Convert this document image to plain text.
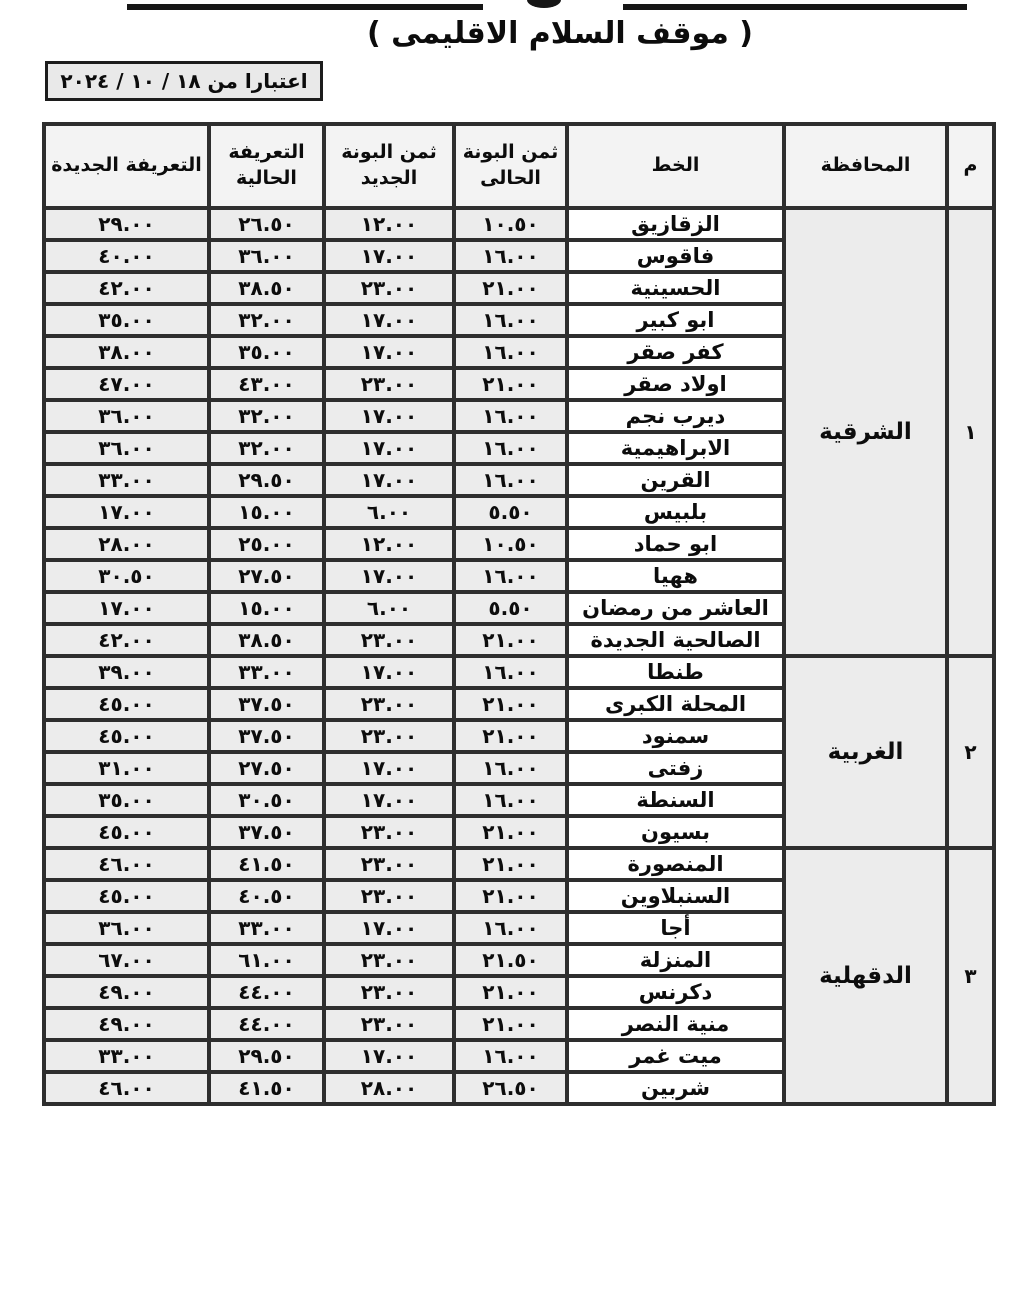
( موقف السلام الاقليمى )
اعتبارا من ١٨ / ١٠ / ٢٠٢٤
م	المحافظة	الخط	ثمن البونة الحالى	ثمن البونة الجديد	التعريفة الحالية	التعريفة الجديدة
١	الشرقية	الزقازيق	١٠.٥٠	١٢.٠٠	٢٦.٥٠	٢٩.٠٠
		فاقوس	١٦.٠٠	١٧.٠٠	٣٦.٠٠	٤٠.٠٠
		الحسينية	٢١.٠٠	٢٣.٠٠	٣٨.٥٠	٤٢.٠٠
		ابو كبير	١٦.٠٠	١٧.٠٠	٣٢.٠٠	٣٥.٠٠
		كفر صقر	١٦.٠٠	١٧.٠٠	٣٥.٠٠	٣٨.٠٠
		اولاد صقر	٢١.٠٠	٢٣.٠٠	٤٣.٠٠	٤٧.٠٠
		ديرب نجم	١٦.٠٠	١٧.٠٠	٣٢.٠٠	٣٦.٠٠
		الابراهيمية	١٦.٠٠	١٧.٠٠	٣٢.٠٠	٣٦.٠٠
		القرين	١٦.٠٠	١٧.٠٠	٢٩.٥٠	٣٣.٠٠
		بلبيس	٥.٥٠	٦.٠٠	١٥.٠٠	١٧.٠٠
		ابو حماد	١٠.٥٠	١٢.٠٠	٢٥.٠٠	٢٨.٠٠
		ههيا	١٦.٠٠	١٧.٠٠	٢٧.٥٠	٣٠.٥٠
		العاشر من رمضان	٥.٥٠	٦.٠٠	١٥.٠٠	١٧.٠٠
		الصالحية الجديدة	٢١.٠٠	٢٣.٠٠	٣٨.٥٠	٤٢.٠٠
٢	الغربية	طنطا	١٦.٠٠	١٧.٠٠	٣٣.٠٠	٣٩.٠٠
		المحلة الكبرى	٢١.٠٠	٢٣.٠٠	٣٧.٥٠	٤٥.٠٠
		سمنود	٢١.٠٠	٢٣.٠٠	٣٧.٥٠	٤٥.٠٠
		زفتى	١٦.٠٠	١٧.٠٠	٢٧.٥٠	٣١.٠٠
		السنطة	١٦.٠٠	١٧.٠٠	٣٠.٥٠	٣٥.٠٠
		بسيون	٢١.٠٠	٢٣.٠٠	٣٧.٥٠	٤٥.٠٠
٣	الدقهلية	المنصورة	٢١.٠٠	٢٣.٠٠	٤١.٥٠	٤٦.٠٠
		السنبلاوين	٢١.٠٠	٢٣.٠٠	٤٠.٥٠	٤٥.٠٠
		أجا	١٦.٠٠	١٧.٠٠	٣٣.٠٠	٣٦.٠٠
		المنزلة	٢١.٥٠	٢٣.٠٠	٦١.٠٠	٦٧.٠٠
		دكرنس	٢١.٠٠	٢٣.٠٠	٤٤.٠٠	٤٩.٠٠
		منية النصر	٢١.٠٠	٢٣.٠٠	٤٤.٠٠	٤٩.٠٠
		ميت غمر	١٦.٠٠	١٧.٠٠	٢٩.٥٠	٣٣.٠٠
		شربين	٢٦.٥٠	٢٨.٠٠	٤١.٥٠	٤٦.٠٠
